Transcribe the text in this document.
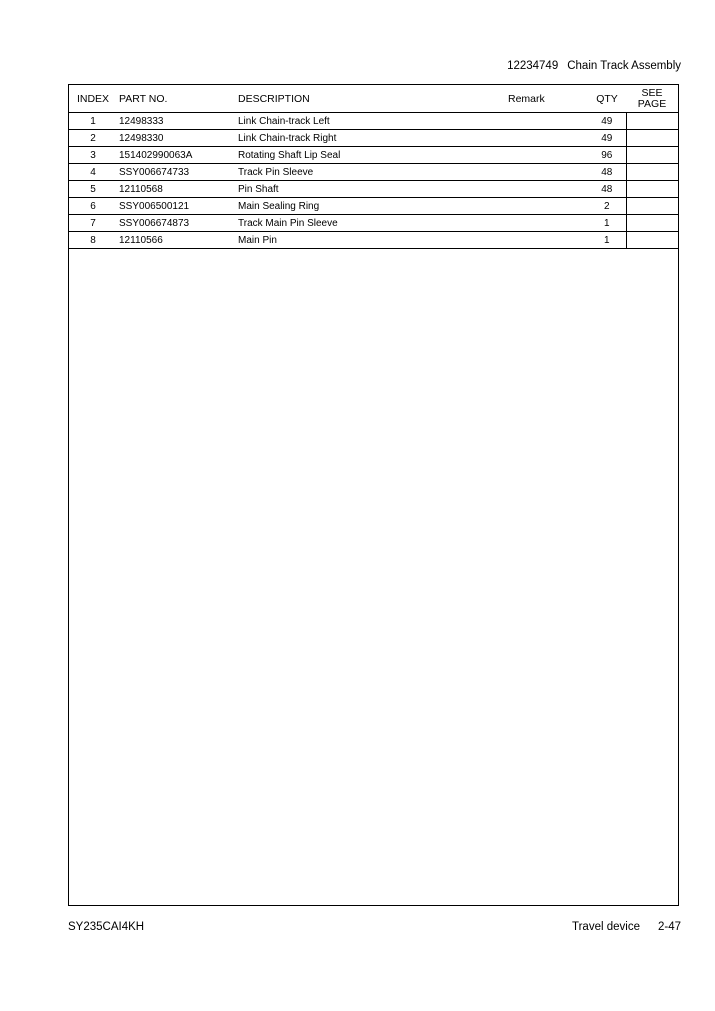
12234749 Chain Track Assembly
INDEX	PART NO.	DESCRIPTION	Remark	QTY	SEE
PAGE
1	12498333	Link Chain-track Left		49	
2	12498330	Link Chain-track Right		49	
3	151402990063A	Rotating Shaft Lip Seal		96	
4	SSY006674733	Track Pin Sleeve		48	
5	12110568	Pin Shaft		48	
6	SSY006500121	Main Sealing Ring		2	
7	SSY006674873	Track Main Pin Sleeve		1	
8	12110566	Main Pin		1	
SY235CAI4KH	Travel device 2-47
